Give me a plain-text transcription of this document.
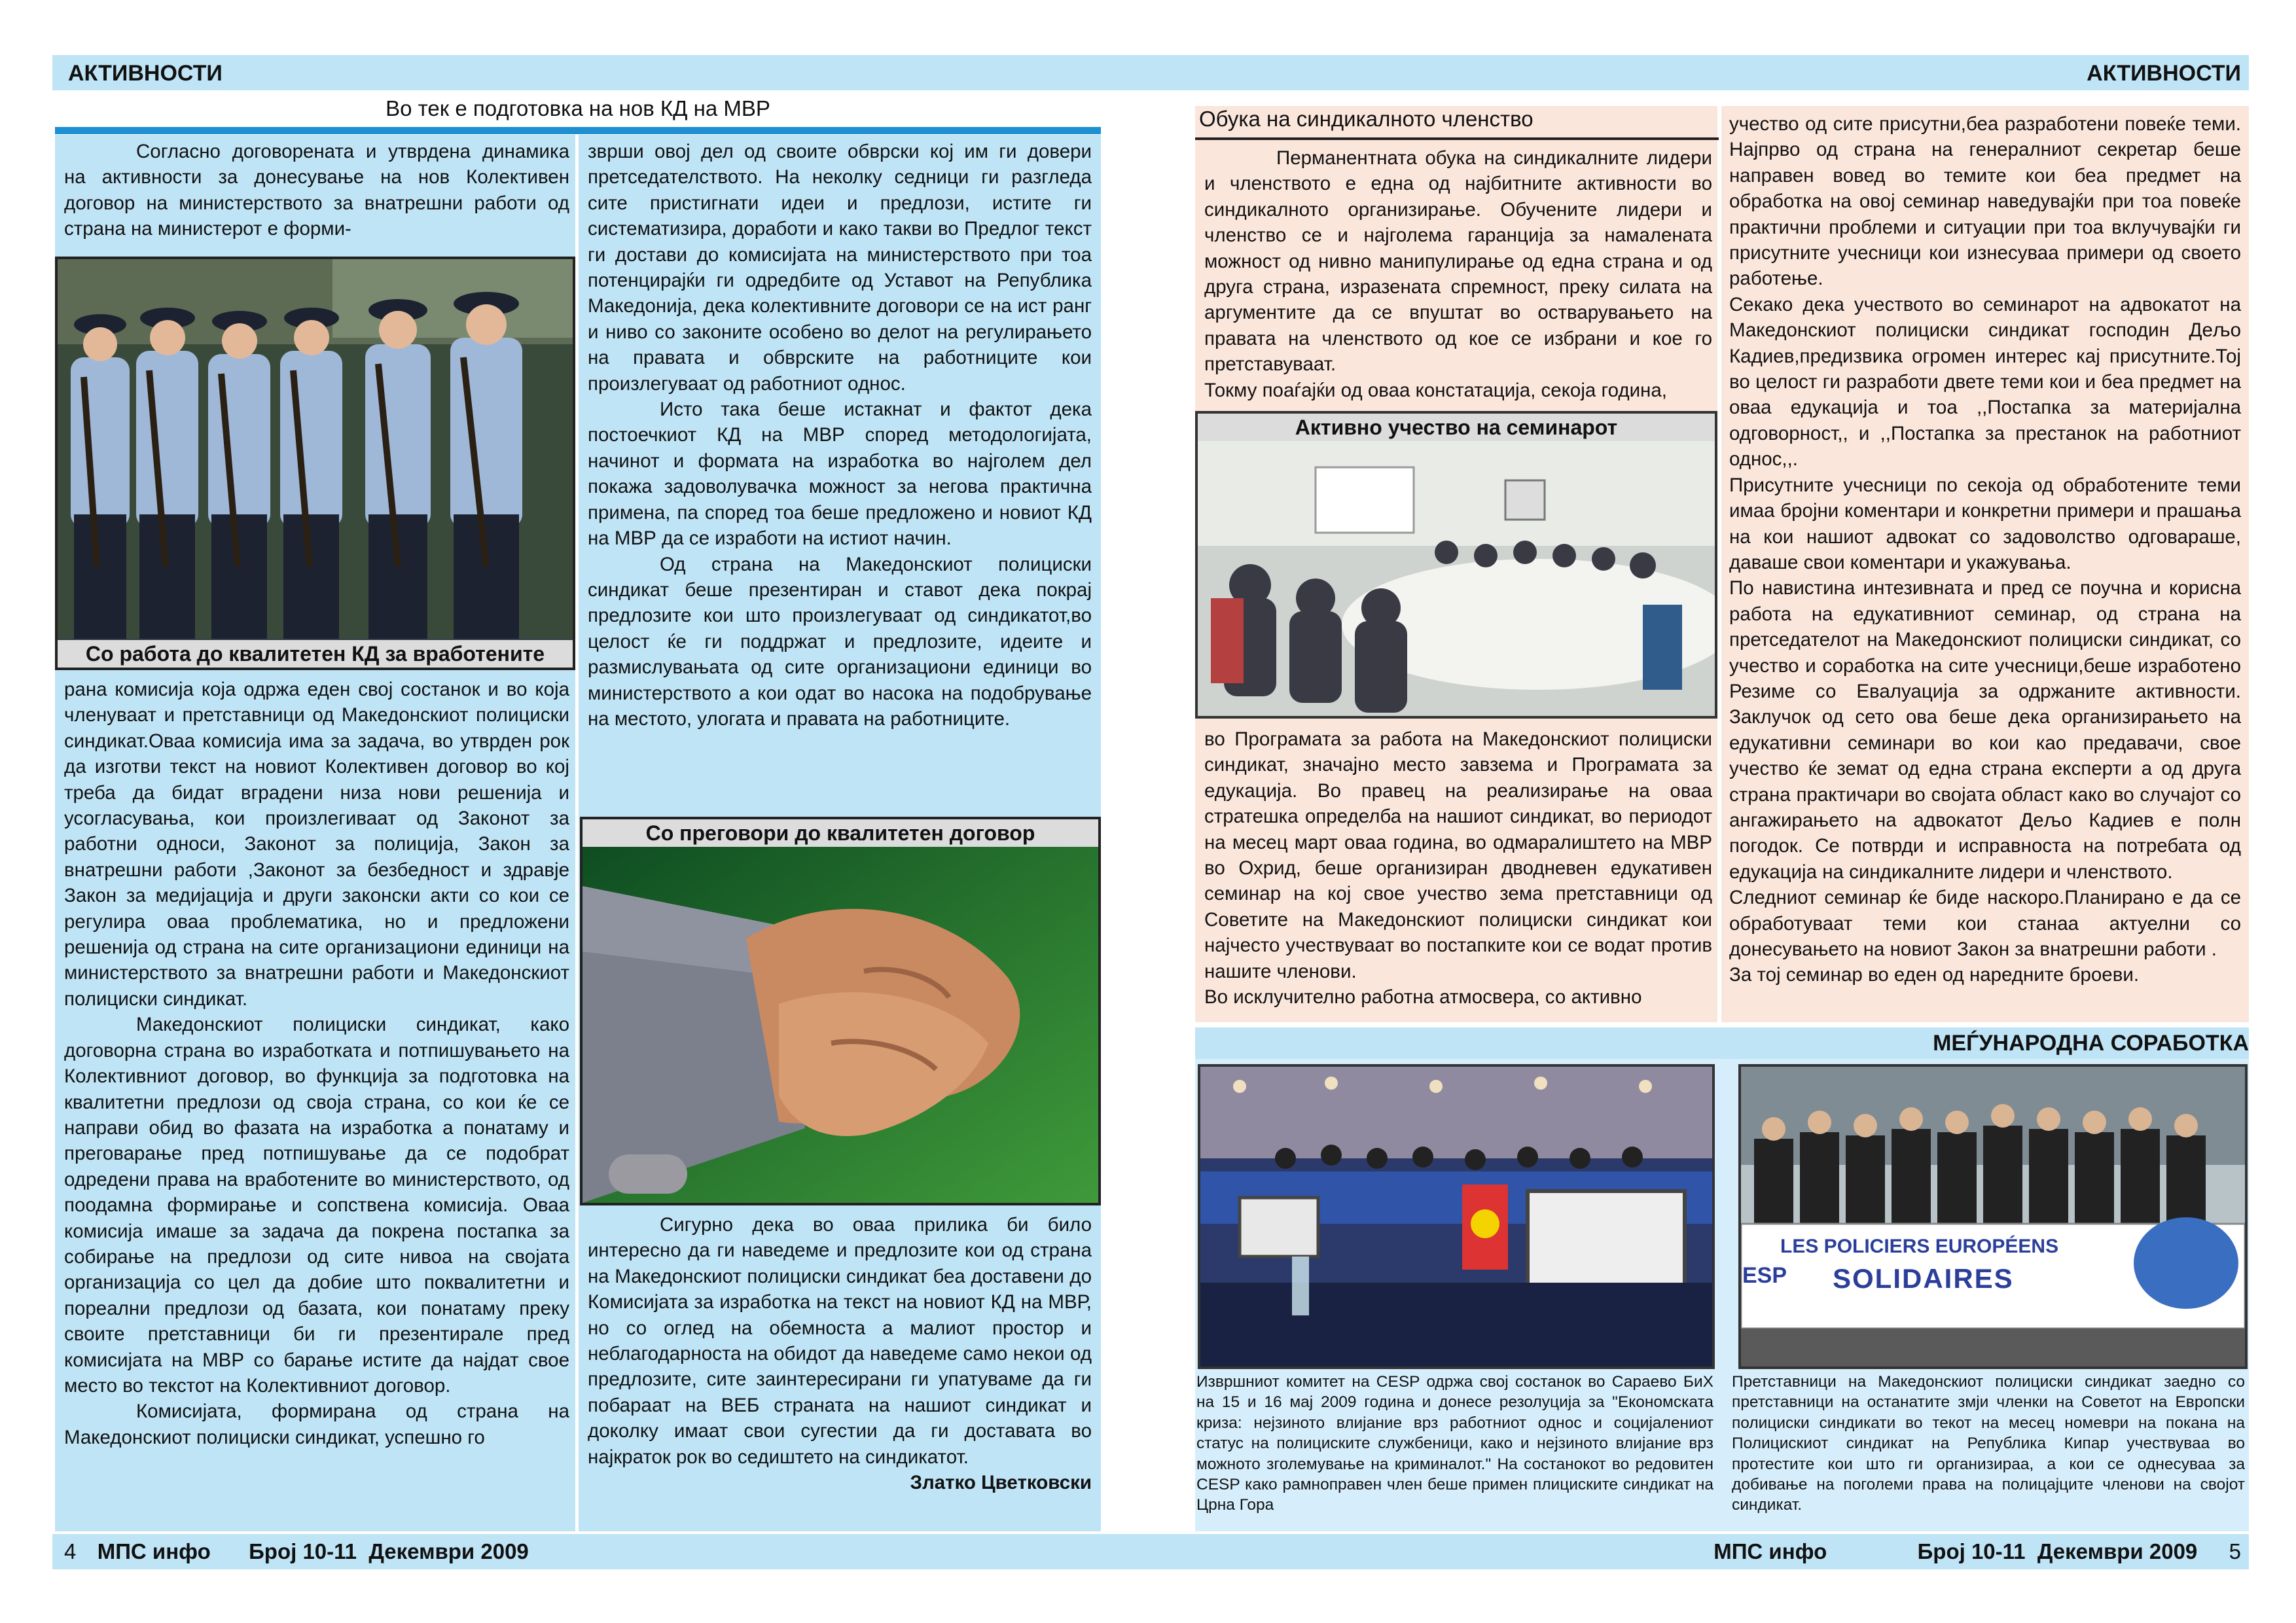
АКТИВНОСТИ	АКТИВНОСТИ
Во тек е подготовка на нов КД на МВР

Согласно договорената и утврдена динамика на активности за донесување на нов Колективен договор на министерството за внатрешни работи од страна на министерот е форми-

Со работа до квалитетен КД за вработените

рана комисија која одржа еден свој состанок и во која членуваат и претставници од Македонскиот полициски синдикат.Оваа комисија има за задача, во утврден рок да изготви текст на новиот Колективен договор во кој треба да бидат вградени низа нови решенија и усогласувања, кои произлегиваат од Законот за работни односи, Законот за полиција, Закон за внатрешни работи ,Законот за безбедност и здравје Закон за медијација и други законски акти со кои се регулира оваа проблематика, но и предложени решенија од страна на сите организациони единици на министерството за внатрешни работи и Македонскиот полициски синдикат.

Македонскиот полициски синдикат, како договорна страна во изработката и потпишувањето на Колективниот договор, во функција за подготовка на квалитетни предлози од своја страна, со кои ќе се направи обид во фазата на изработка а понатаму и преговарање пред потпишување да се подобрат одредени права на вработените во министерството, од поодамна формирање и сопствена комисија. Оваа комисија имаше за задача да покрена постапка за собирање на предлози од сите нивоа на својата организација со цел да добие што поквалитетни и пореални предлози од базата, кои понатаму преку своите претставници би ги презентирале пред комисијата на МВР со барање истите да најдат свое место во текстот на Колективниот договор.

Комисијата, формирана од страна на Македонскиот полициски синдикат, успешно го

зврши овој дел од своите обврски кој им ги довери претседателството. На неколку седници ги разгледа сите пристигнати идеи и предлози, истите ги систематизира, доработи и како такви во Предлог текст ги достави до комисијата на министерството при тоа потенцирајќи ги одредбите од Уставот на Република Македонија, дека колективните договори се на ист ранг и ниво со законите особено во делот на регулирањето на правата и обврските на работниците кои произлегуваат од работниот однос.

Исто така беше истакнат и фактот дека постоечкиот КД на МВР според методологијата, начинот и формата на изработка во најголем дел покажа задоволувачка можност за негова практична примена, па според тоа беше предложено и новиот КД на МВР да се изработи на истиот начин.

Од страна на Македонскиот полициски синдикат беше презентиран и ставот дека покрај предлозите кои што произлегуваат од синдикатот,во целост ќе ги поддржат и предлозите, идеите и размислувањата од сите организациони единици во министерството а кои одат во насока на подобрување на местото, улогата и правата на работниците.

Со преговори до квалитетен договор

Сигурно дека во оваа прилика би било интересно да ги наведеме и предлозите кои од страна на Македонскиот полициски синдикат беа доставени до Комисијата за изработка на текст на новиот КД на МВР, но со оглед на обемноста а малиот простор и неблагодарноста на обидот да наведеме само некои од предлозите, сите заинтересирани ги упатуваме да ги побараат на ВЕБ страната на нашиот синдикат и доколку имаат свои сугестии да ги доставата во најкраток рок во седиштето на синдикатот.

Златко Цветковски

Обука на синдикалното членство

Перманентната обука на синдикалните лидери и членството е една од најбитните активности во синдикалното организирање. Обучените лидери и членство се и најголема гаранција за намалената можност од нивно манипулирање од една страна и од друга страна, изразената спремност, преку силата на аргументите да се впуштат во остварувањето на правата на членството од кое се избрани и кое го претставуваат.

Токму поаѓајќи од оваа констатација, секоја година,

Активно учество на семинарот

во Програмата за работа на Македонскиот полициски синдикат, значајно место завзема и Програмата за едукација. Во правец на реализирање на оваа стратешка определба на нашиот синдикат, во периодот на месец март оваа година, во одмаралиштето на МВР во Охрид, беше организиран дводневен едукативен семинар на кој свое учество зема претставници од Советите на Македонскиот полициски синдикат кои најчесто учествуваат во постапките кои се водат против нашите членови.

Во исклучително работна атмосвера, со активно

учество од сите присутни,беа разработени повеќе теми. Најпрво од страна на генералниот секретар беше направен вовед во темите кои беа предмет на обработка на овој семинар наведувајќи при тоа повеќе практични проблеми и ситуации при тоа вклучувајќи ги присутните учесници кои изнесуваа примери од своето работење.

Секако дека учеството во семинарот на адвокатот на Македонскиот полициски синдикат господин Дељо Кадиев,предизвика огромен интерес кај присутните.Тој во целост ги разработи двете теми кои и беа предмет на оваа едукација и тоа ,,Постапка за материјална одговорност,, и ,,Постапка за престанок на работниот однос,,.

Присутните учесници по секоја од обработените теми имаа бројни коментари и конкретни примери и прашања на кои нашиот адвокат со задоволство одговараше, даваше свои коментари и укажувања.

По навистина интезивната и пред се поучна и корисна работа на едукативниот семинар, од страна на претседателот на Македонскиот полициски синдикат, со учество и соработка на сите учесници,беше изработено Резиме со Евалуација за одржаните активности. Заклучок од сето ова беше дека организирањето на едукативни семинари во кои као предавачи, свое учество ќе земат од една страна експерти а од друга страна практичари во својата област како во случајот со ангажирањето на адвокатот Дељо Кадиев е полн погодок. Се потврди и исправноста на потребата од едукација на синдикалните лидери и членството.

Следниот семинар ќе биде наскоро.Планирано е да се обработуваат теми кои станаа актуелни со донесувањето на новиот Закон за внатрешни работи .

За тој семинар во еден од наредните броеви.

МЕЃУНАРОДНА СОРАБОТКА
LES POLICIERS EUROPÉENS
SOLIDAIRES
ESP
Извршниот комитет на CESP одржа свој состанок во Сараево БиХ на 15 и 16 мај 2009 година и донесе резолуција за "Економската криза: нејзиното влијание врз работниот однос и социјалениот статус на полициските службеници, како и нејзиното влијание врз можното зголемување на криминалот." На состанокот во редовитен CESP како рамноправен член беше примен плициските синдикат на Црна Гора
Претставници на Македонскиот полициски синдикат заедно со претставници на останатите змји членки на Советот на Европски полициски синдикати во текот на месец номеври на покана на Полицискиот синдикат на Република Кипар учествуваа во протестите кои што ги организираа, а кои се однесуваа за добивање на поголеми права на полицајците членови на својот синдикат.
4 МПС инфо Број 10-11  Декември 2009	МПС инфо	Број 10-11  Декември 2009 5
